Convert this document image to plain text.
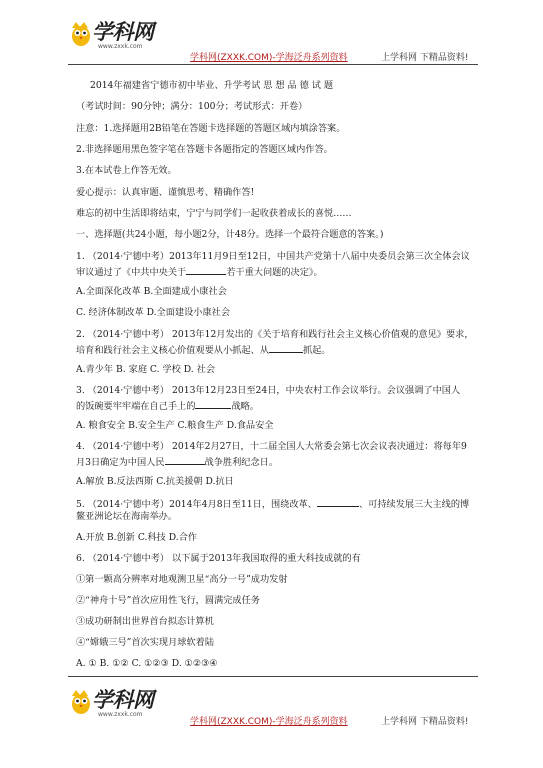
学科网
www.zxxk.com
学科网(ZXXK.COM)-学海泛舟系列资料	上学科网 下精品资料!
2014年福建省宁德市初中毕业、升学考试 思 想 品 德 试 题
（考试时间：90分钟；满分：100分；考试形式：开卷）
注意：1.选择题用2B铅笔在答题卡选择题的答题区域内填涂答案。
2.非选择题用黑色签字笔在答题卡各题指定的答题区域内作答。
3.在本试卷上作答无效。
爱心提示：认真审题、谨慎思考、精确作答!
难忘的初中生活即将结束，宁宁与同学们一起收获着成长的喜悦……
一、选择题(共24小题，每小题2分，计48分。选择一个最符合题意的答案。)
1. （2014·宁德中考）2013年11月9日至12日，中国共产党第十八届中央委员会第三次全体会议
审议通过了《中共中央关于	若干重大问题的决定》。
A.全面深化改革 B.全面建成小康社会
C. 经济体制改革 D.全面建设小康社会
2. （2014·宁德中考） 2013年12月发出的《关于培育和践行社会主义核心价值观的意见》要求，
培育和践行社会主义核心价值观要从小抓起、从	抓起。
A.青少年 B. 家庭 C. 学校 D. 社会
3. （2014·宁德中考） 2013年12月23日至24日，中央农村工作会议举行。会议强调了中国人
的饭碗要牢牢端在自己手上的	战略。
A. 粮食安全 B.安全生产 C.粮食生产 D.食品安全
4. （2014·宁德中考） 2014年2月27日，十二届全国人大常委会第七次会议表决通过：将每年9
月3日确定为中国人民	战争胜利纪念日。
A.解放 B.反法西斯 C.抗美援朝 D.抗日
5. （2014·宁德中考）2014年4月8日至11日，围绕改革、	、可持续发展三大主线的博
鳌亚洲论坛在海南举办。
A.开放 B.创新 C.科技 D.合作
6. （2014·宁德中考） 以下属于2013年我国取得的重大科技成就的有
①第一颗高分辨率对地观测卫星“高分一号”成功发射
②“神舟十号”首次应用性飞行，圆满完成任务
③成功研制出世界首台拟态计算机
④“嫦娥三号”首次实现月球软着陆
A. ① B. ①② C. ①②③ D. ①②③④
学科网
www.zxxk.com
学科网(ZXXK.COM)-学海泛舟系列资料	上学科网 下精品资料!
